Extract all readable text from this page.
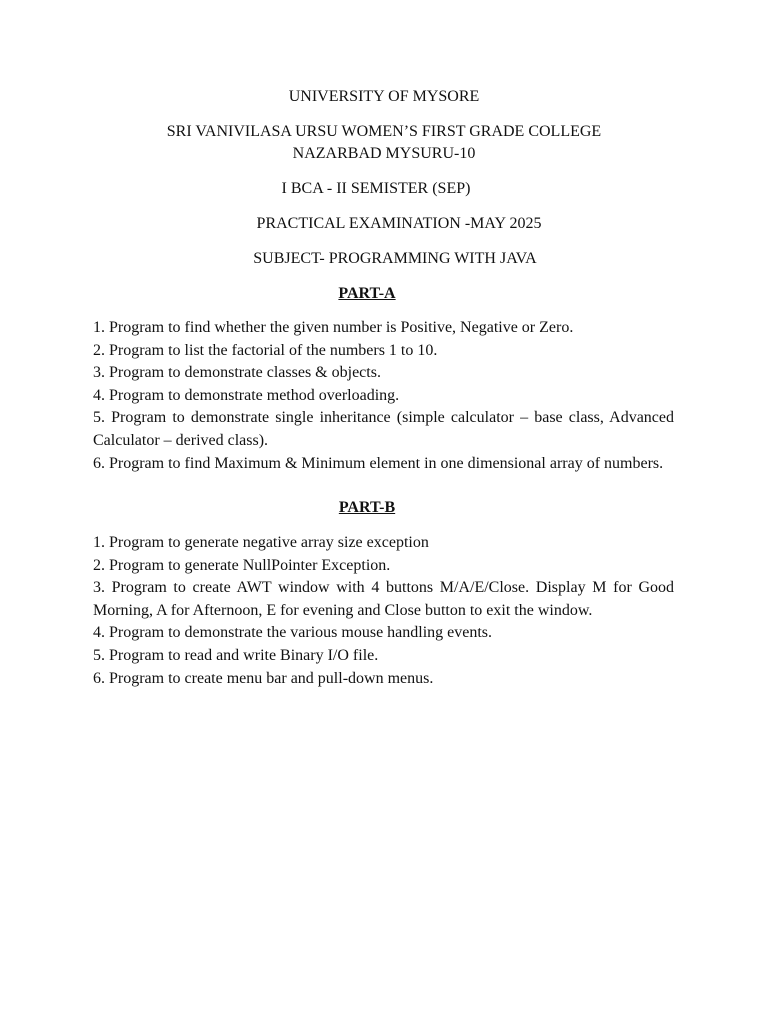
UNIVERSITY OF MYSORE
SRI VANIVILASA URSU WOMEN’S FIRST GRADE COLLEGE
NAZARBAD MYSURU-10
I BCA - II SEMISTER (SEP)
PRACTICAL EXAMINATION -MAY 2025
SUBJECT- PROGRAMMING WITH JAVA
PART-A

1. Program to find whether the given number is Positive, Negative or Zero.

2. Program to list the factorial of the numbers 1 to 10.

3. Program to demonstrate classes & objects.

4. Program to demonstrate method overloading.

5. Program to demonstrate single inheritance (simple calculator – base class, Advanced Calculator – derived class).

6. Program to find Maximum & Minimum element in one dimensional array of numbers.

PART-B

1. Program to generate negative array size exception

2. Program to generate NullPointer Exception.

3. Program to create AWT window with 4 buttons M/A/E/Close. Display M for Good Morning, A for Afternoon, E for evening and Close button to exit the window.

4. Program to demonstrate the various mouse handling events.

5. Program to read and write Binary I/O file.

6. Program to create menu bar and pull-down menus.
